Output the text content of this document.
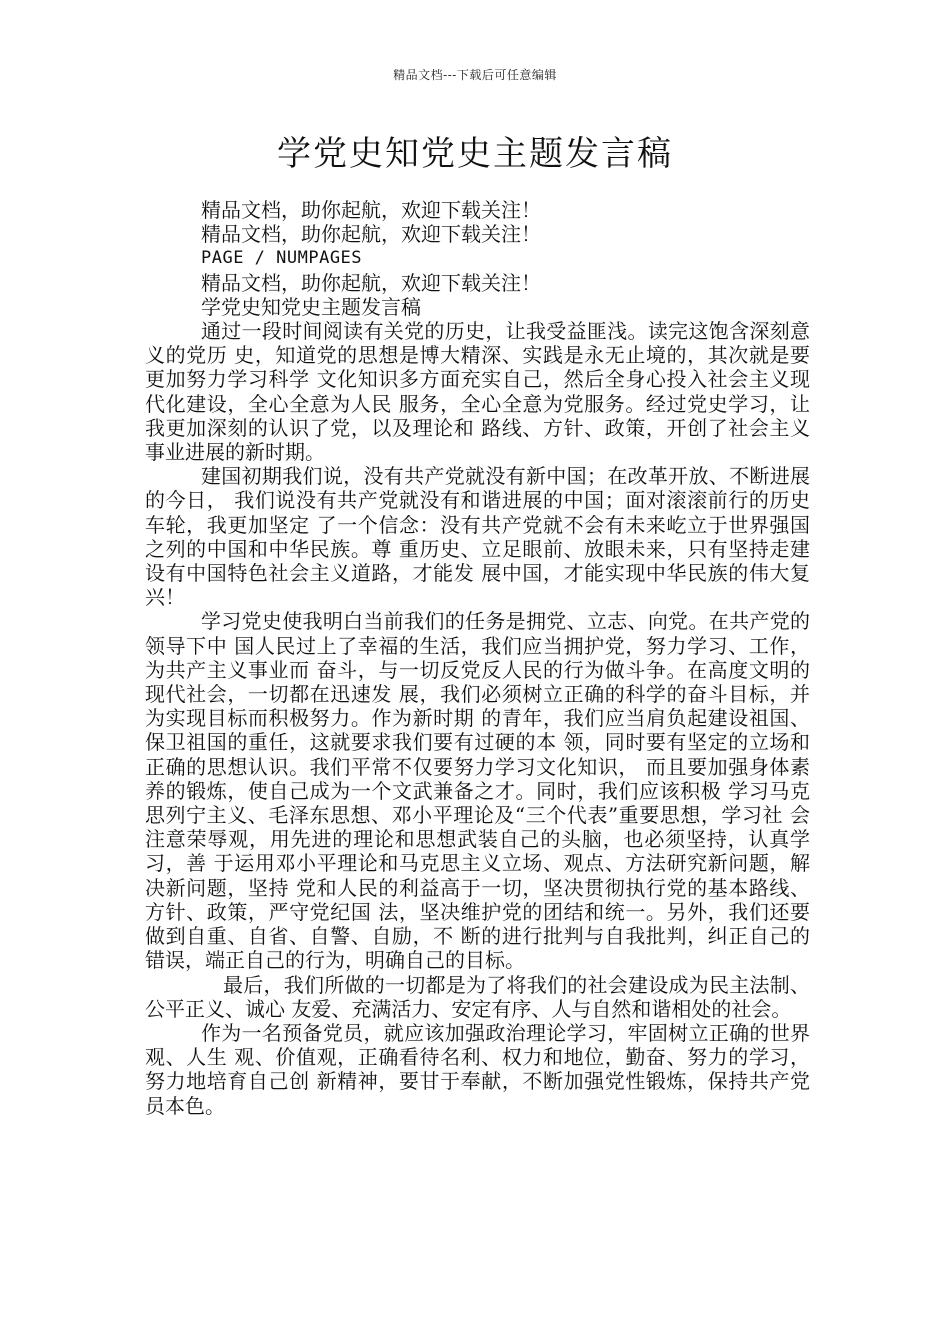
精品文档---下载后可任意编辑
学党史知党史主题发言稿
精品文档，助你起航，欢迎下载关注！
精品文档，助你起航，欢迎下载关注！
PAGE / NUMPAGES
精品文档，助你起航，欢迎下载关注！
学党史知党史主题发言稿

通过一段时间阅读有关党的历史，让我受益匪浅。读完这饱含深刻意义的党历 史，知道党的思想是博大精深、实践是永无止境的，其次就是要更加努力学习科学 文化知识多方面充实自己，然后全身心投入社会主义现代化建设，全心全意为人民 服务，全心全意为党服务。经过党史学习，让我更加深刻的认识了党，以及理论和 路线、方针、政策，开创了社会主义事业进展的新时期。

建国初期我们说，没有共产党就没有新中国；在改革开放、不断进展的今日， 我们说没有共产党就没有和谐进展的中国；面对滚滚前行的历史车轮，我更加坚定 了一个信念：没有共产党就不会有未来屹立于世界强国之列的中国和中华民族。尊 重历史、立足眼前、放眼未来，只有坚持走建设有中国特色社会主义道路，才能发 展中国，才能实现中华民族的伟大复兴！

学习党史使我明白当前我们的任务是拥党、立志、向党。在共产党的领导下中 国人民过上了幸福的生活，我们应当拥护党，努力学习、工作，为共产主义事业而 奋斗，与一切反党反人民的行为做斗争。在高度文明的现代社会，一切都在迅速发 展，我们必须树立正确的科学的奋斗目标，并为实现目标而积极努力。作为新时期 的青年，我们应当肩负起建设祖国、保卫祖国的重任，这就要求我们要有过硬的本 领，同时要有坚定的立场和正确的思想认识。我们平常不仅要努力学习文化知识， 而且要加强身体素养的锻炼，使自己成为一个文武兼备之才。同时，我们应该积极 学习马克思列宁主义、毛泽东思想、邓小平理论及“三个代表”重要思想，学习社 会注意荣辱观，用先进的理论和思想武装自己的头脑，也必须坚持，认真学习，善 于运用邓小平理论和马克思主义立场、观点、方法研究新问题，解决新问题，坚持 党和人民的利益高于一切，坚决贯彻执行党的基本路线、方针、政策，严守党纪国 法，坚决维护党的团结和统一。另外，我们还要做到自重、自省、自警、自励，不 断的进行批判与自我批判，纠正自己的错误，端正自己的行为，明确自己的目标。

最后，我们所做的一切都是为了将我们的社会建设成为民主法制、公平正义、诚心 友爱、充满活力、安定有序、人与自然和谐相处的社会。

作为一名预备党员，就应该加强政治理论学习，牢固树立正确的世界观、人生 观、价值观，正确看待名利、权力和地位，勤奋、努力的学习，努力地培育自己创 新精神，要甘于奉献，不断加强党性锻炼，保持共产党员本色。
